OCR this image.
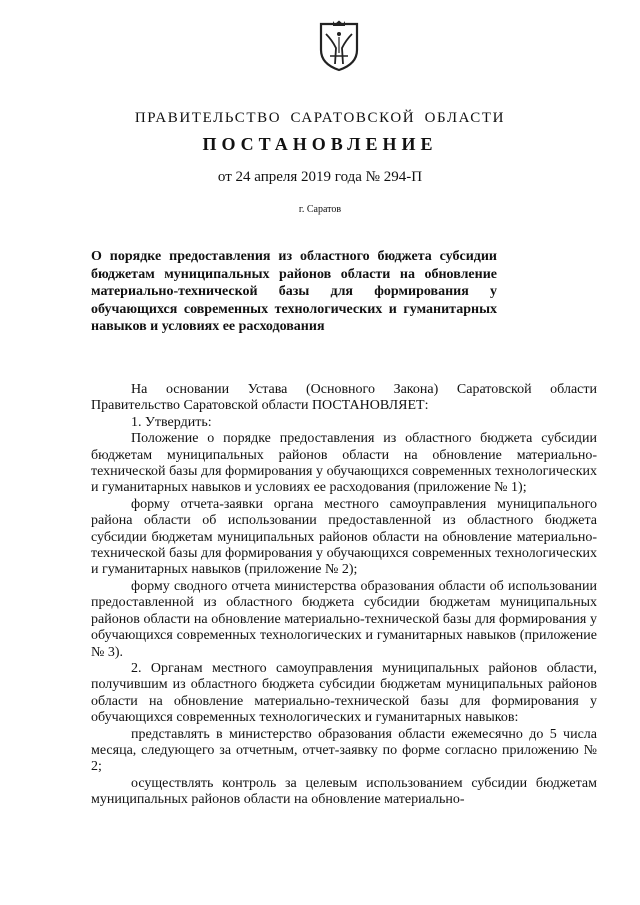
ПРАВИТЕЛЬСТВО САРАТОВСКОЙ ОБЛАСТИ
ПОСТАНОВЛЕНИЕ
от 24 апреля 2019 года № 294-П
г. Саратов

О порядке предоставления из областного бюджета субсидии бюджетам муниципальных районов области на обновление материально-технической базы для формирования у обучающихся современных технологических и гуманитарных навыков и условиях ее расходования

На основании Устава (Основного Закона) Саратовской области Правительство Саратовской области ПОСТАНОВЛЯЕТ:

1. Утвердить:

Положение о порядке предоставления из областного бюджета субсидии бюджетам муниципальных районов области на обновление материально-технической базы для формирования у обучающихся современных технологических и гуманитарных навыков и условиях ее расходования (приложение № 1);

форму отчета-заявки органа местного самоуправления муниципального района области об использовании предоставленной из областного бюджета субсидии бюджетам муниципальных районов области на обновление материально-технической базы для формирования у обучающихся современных технологических и гуманитарных навыков (приложение № 2);

форму сводного отчета министерства образования области об использовании предоставленной из областного бюджета субсидии бюджетам муниципальных районов области на обновление материально-технической базы для формирования у обучающихся современных технологических и гуманитарных навыков (приложение № 3).

2. Органам местного самоуправления муниципальных районов области, получившим из областного бюджета субсидии бюджетам муниципальных районов области на обновление материально-технической базы для формирования у обучающихся современных технологических и гуманитарных навыков:

представлять в министерство образования области ежемесячно до 5 числа месяца, следующего за отчетным, отчет-заявку по форме согласно приложению № 2;

осуществлять контроль за целевым использованием субсидии бюджетам муниципальных районов области на обновление материально-
